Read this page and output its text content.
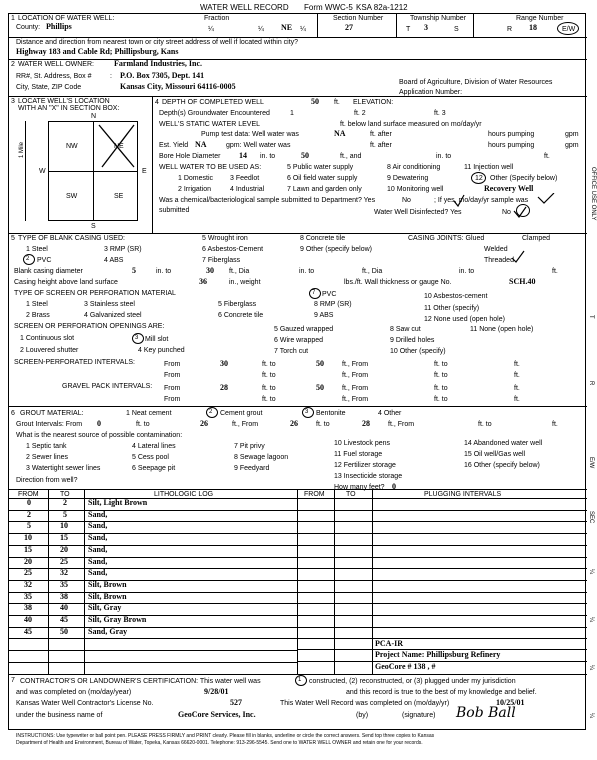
WATER WELL RECORD Form WWC-5 KSA 82a-1212
1 LOCATION OF WATER WELL:
County: Phillips
Fraction
¼	¼ NE ¼
Section Number
27
Township Number
T 3	S
Range Number
R 18	E/W
Distance and direction from nearest town or city street address of well if located within city?
Highway 183 and Cable Rd; Phillipsburg, Kans
2 WATER WELL OWNER:	Farmland Industries, Inc.
RR#, St. Address, Box #	: P.O. Box 7305, Dept. 141
City, State, ZIP Code	Kansas City, Missouri 64116-0005	Board of Agriculture, Division of Water Resources
Application Number:
3 LOCATE WELL'S LOCATION
WITH AN "X" IN SECTION BOX:
N
S
W	E
NW	NE
SW	SE
1 Mile
4 DEPTH OF COMPLETED WELL	50 ft. ELEVATION:
Depth(s) Groundwater Encountered	1	ft. 2	ft. 3
WELL'S STATIC WATER LEVEL	ft. below land surface measured on mo/day/yr
Pump test data: Well water was	NA	ft. after	hours pumping	gpm
Est. Yield NA	gpm: Well water was	ft. after	hours pumping	gpm
Bore Hole Diameter 14 in. to	50	ft., and	in. to	ft.
WELL WATER TO BE USED AS:	5 Public water supply	8 Air conditioning	11 Injection well
1 Domestic 3 Feedlot	6 Oil field water supply	9 Dewatering	12 Other (Specify below)
2 Irrigation	4 Industrial	7 Lawn and garden only	10 Monitoring well	Recovery Well
Was a chemical/bacteriological sample submitted to Department? Yes	No	; If yes, mo/day/yr sample was
submitted	Water Well Disinfected? Yes	No
5 TYPE OF BLANK CASING USED:	5 Wrought iron	8 Concrete tile	CASING JOINTS: Glued	Clamped
1 Steel	3 RMP (SR)	6 Asbestos-Cement	9 Other (specify below)	Welded
2 PVC	4 ABS	7 Fiberglass	Threaded
Blank casing diameter	5	in. to	30 ft., Dia	in. to	ft., Dia	in. to	ft.
Casing height above land surface	36	in., weight	lbs./ft. Wall thickness or gauge No.	SCH.40
TYPE OF SCREEN OR PERFORATION MATERIAL	7 PVC	10 Asbestos-cement
1 Steel	3 Stainless steel	5 Fiberglass	8 RMP (SR)
11 Other (specify)
2 Brass	4 Galvanized steel	6 Concrete tile	9 ABS
12 None used (open hole)
SCREEN OR PERFORATION OPENINGS ARE:	5 Gauzed wrapped	8 Saw cut	11 None (open hole)
1 Continuous slot	3 Mill slot	6 Wire wrapped	9 Drilled holes
2 Louvered shutter	4 Key punched	7 Torch cut	10 Other (specify)
SCREEN-PERFORATED INTERVALS:	From	30	ft. to	50	ft., From	ft. to	ft.
From	ft. to	ft., From	ft. to	ft.
GRAVEL PACK INTERVALS: From	28	ft. to	50	ft., From	ft. to	ft.
From	ft. to	ft., From	ft. to	ft.
6 GROUT MATERIAL:	1 Neat cement	2 Cement grout	3 Bentonite	4 Other
Grout Intervals: From 0	ft. to	26	ft., From	26	ft. to	28	ft., From	ft. to	ft.
What is the nearest source of possible contamination:
1 Septic tank	4 Lateral lines	7 Pit privy	10 Livestock pens	14 Abandoned water well
2 Sewer lines	5 Cess pool	8 Sewage lagoon	11 Fuel storage	15 Oil well/Gas well
3 Watertight sewer lines	6 Seepage pit	9 Feedyard	12 Fertilizer storage	16 Other (specify below)
13 Insecticide storage
Direction from well?
How many feet? 0
FROM	TO	LITHOLOGIC LOG	FROM	TO	PLUGGING INTERVALS
0	2	Silt, Light Brown
2	5	Sand,
5	10	Sand,
10	15	Sand,
15	20	Sand,
20	25	Sand,
25	32	Sand,
32	35	Silt, Brown
35	38	Silt, Brown
38	40	Silt, Gray
40	45	Silt, Gray Brown
45	50	Sand, Gray
PCA-IR
Project Name: Phillipsburg Refinery
GeoCore # 138 , #
7 CONTRACTOR'S OR LANDOWNER'S CERTIFICATION: This water well was	1 constructed, (2) reconstructed, or (3) plugged under my jurisdiction
and was completed on (mo/day/year)	9/28/01	and this record is true to the best of my knowledge and belief.
Kansas Water Well Contractor's License No.	527	This Water Well Record was completed on (mo/day/yr)	10/25/01
under the business name of	GeoCore Services, Inc.	(by)	(signature) Bob Ball
INSTRUCTIONS: Use typewriter or ball point pen. PLEASE PRESS FIRMLY and PRINT clearly. Please fill in blanks, underline or circle the correct answers. Send top three copies to Kansas
Department of Health and Environment, Bureau of Water, Topeka, Kansas 66620-0001. Telephone: 913-296-5545. Send one to WATER WELL OWNER and retain one for your records.
OFFICE USE ONLY
T
R
E/W
SEC
¼
¼
¼
¼
